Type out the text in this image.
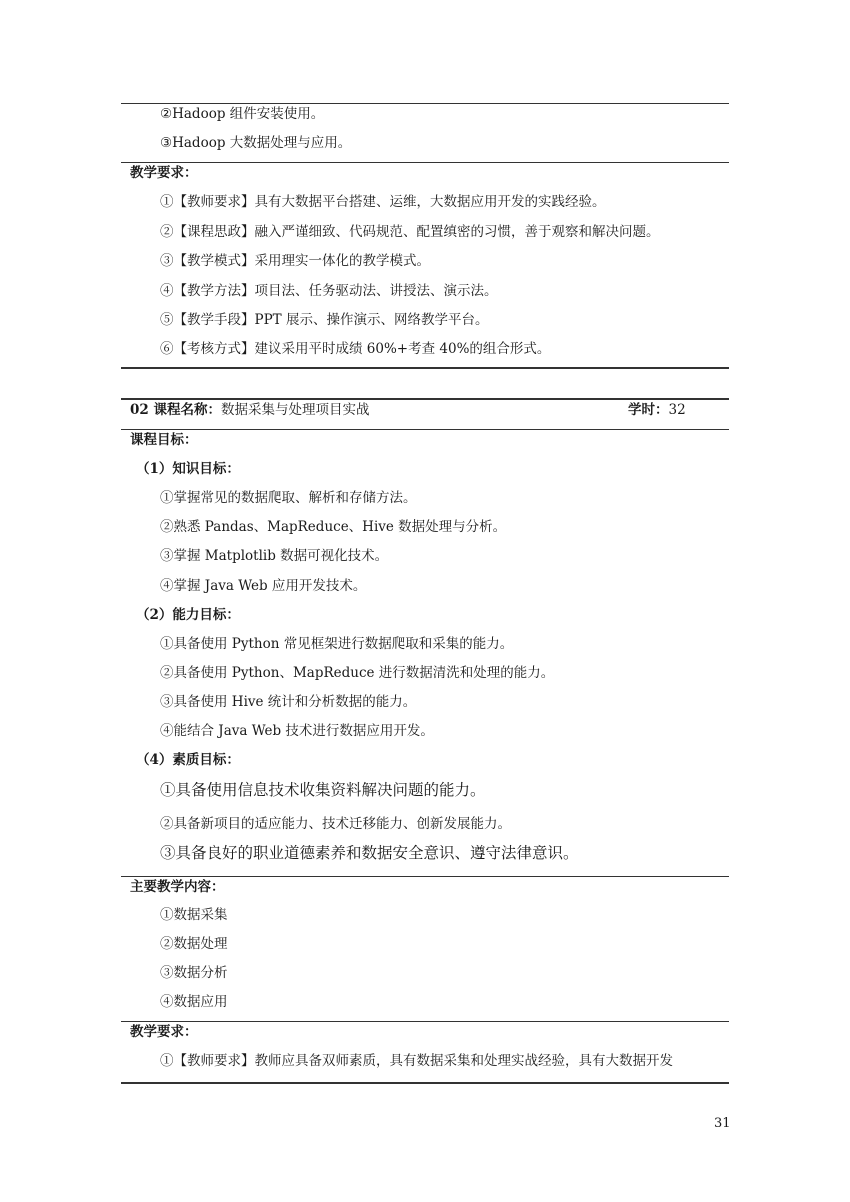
②Hadoop 组件安装使用。
③Hadoop 大数据处理与应用。
教学要求：
①【教师要求】具有大数据平台搭建、运维，大数据应用开发的实践经验。
②【课程思政】融入严谨细致、代码规范、配置缜密的习惯，善于观察和解决问题。
③【教学模式】采用理实一体化的教学模式。
④【教学方法】项目法、任务驱动法、讲授法、演示法。
⑤【教学手段】PPT 展示、操作演示、网络教学平台。
⑥【考核方式】建议采用平时成绩 60%+考查 40%的组合形式。
02 课程名称：数据采集与处理项目实战	学时：32
课程目标：
（1）知识目标：
①掌握常见的数据爬取、解析和存储方法。
②熟悉 Pandas、MapReduce、Hive 数据处理与分析。
③掌握 Matplotlib 数据可视化技术。
④掌握 Java Web 应用开发技术。
（2）能力目标：
①具备使用 Python 常见框架进行数据爬取和采集的能力。
②具备使用 Python、MapReduce 进行数据清洗和处理的能力。
③具备使用 Hive 统计和分析数据的能力。
④能结合 Java Web 技术进行数据应用开发。
（4）素质目标：
①具备使用信息技术收集资料解决问题的能力。
②具备新项目的适应能力、技术迁移能力、创新发展能力。
③具备良好的职业道德素养和数据安全意识、遵守法律意识。
主要教学内容：
①数据采集
②数据处理
③数据分析
④数据应用
教学要求：
①【教师要求】教师应具备双师素质，具有数据采集和处理实战经验，具有大数据开发
31
